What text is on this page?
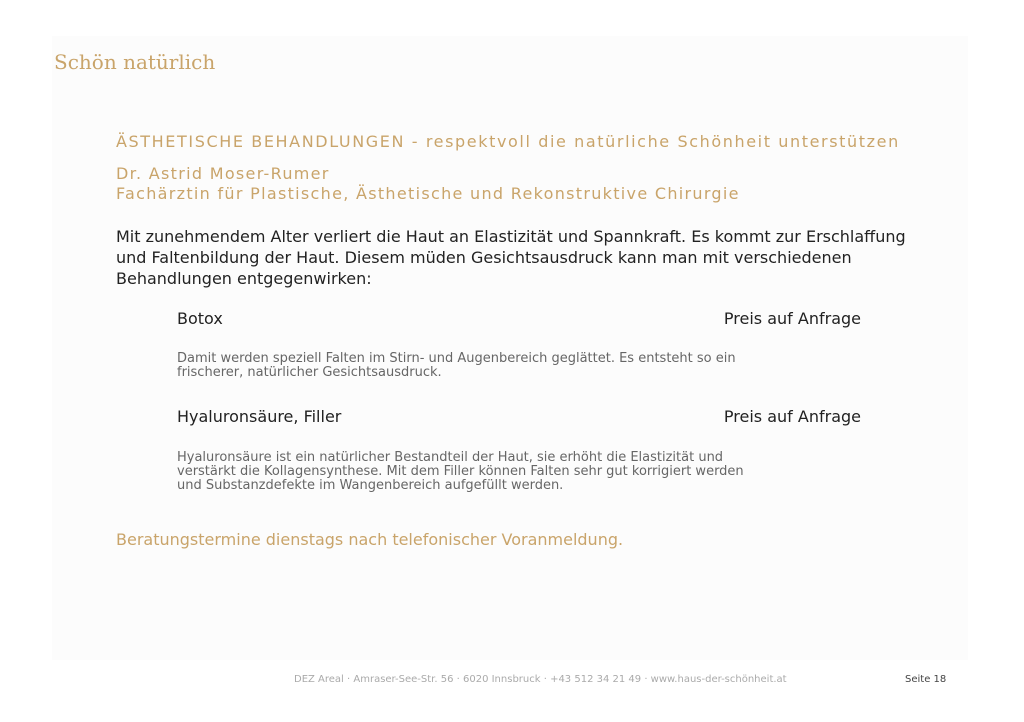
Schön natürlich
ÄSTHETISCHE BEHANDLUNGEN - respektvoll die natürliche Schönheit unterstützen
Dr. Astrid Moser-Rumer
Fachärztin für Plastische, Ästhetische und Rekonstruktive Chirurgie
Mit zunehmendem Alter verliert die Haut an Elastizität und Spannkraft. Es kommt zur Erschlaffung und Faltenbildung der Haut. Diesem müden Gesichtsausdruck kann man mit verschiedenen Behandlungen entgegenwirken:
Botox	Preis auf Anfrage
Damit werden speziell Falten im Stirn- und Augenbereich geglättet. Es entsteht so ein frischerer, natürlicher Gesichtsausdruck.
Hyaluronsäure, Filler	Preis auf Anfrage
Hyaluronsäure ist ein natürlicher Bestandteil der Haut, sie erhöht die Elastizität und verstärkt die Kollagensynthese. Mit dem Filler können Falten sehr gut korrigiert werden und Substanzdefekte im Wangenbereich aufgefüllt werden.
Beratungstermine dienstags nach telefonischer Voranmeldung.
DEZ Areal · Amraser-See-Str. 56 · 6020 Innsbruck · +43 512 34 21 49 · www.haus-der-schönheit.at	Seite 18
